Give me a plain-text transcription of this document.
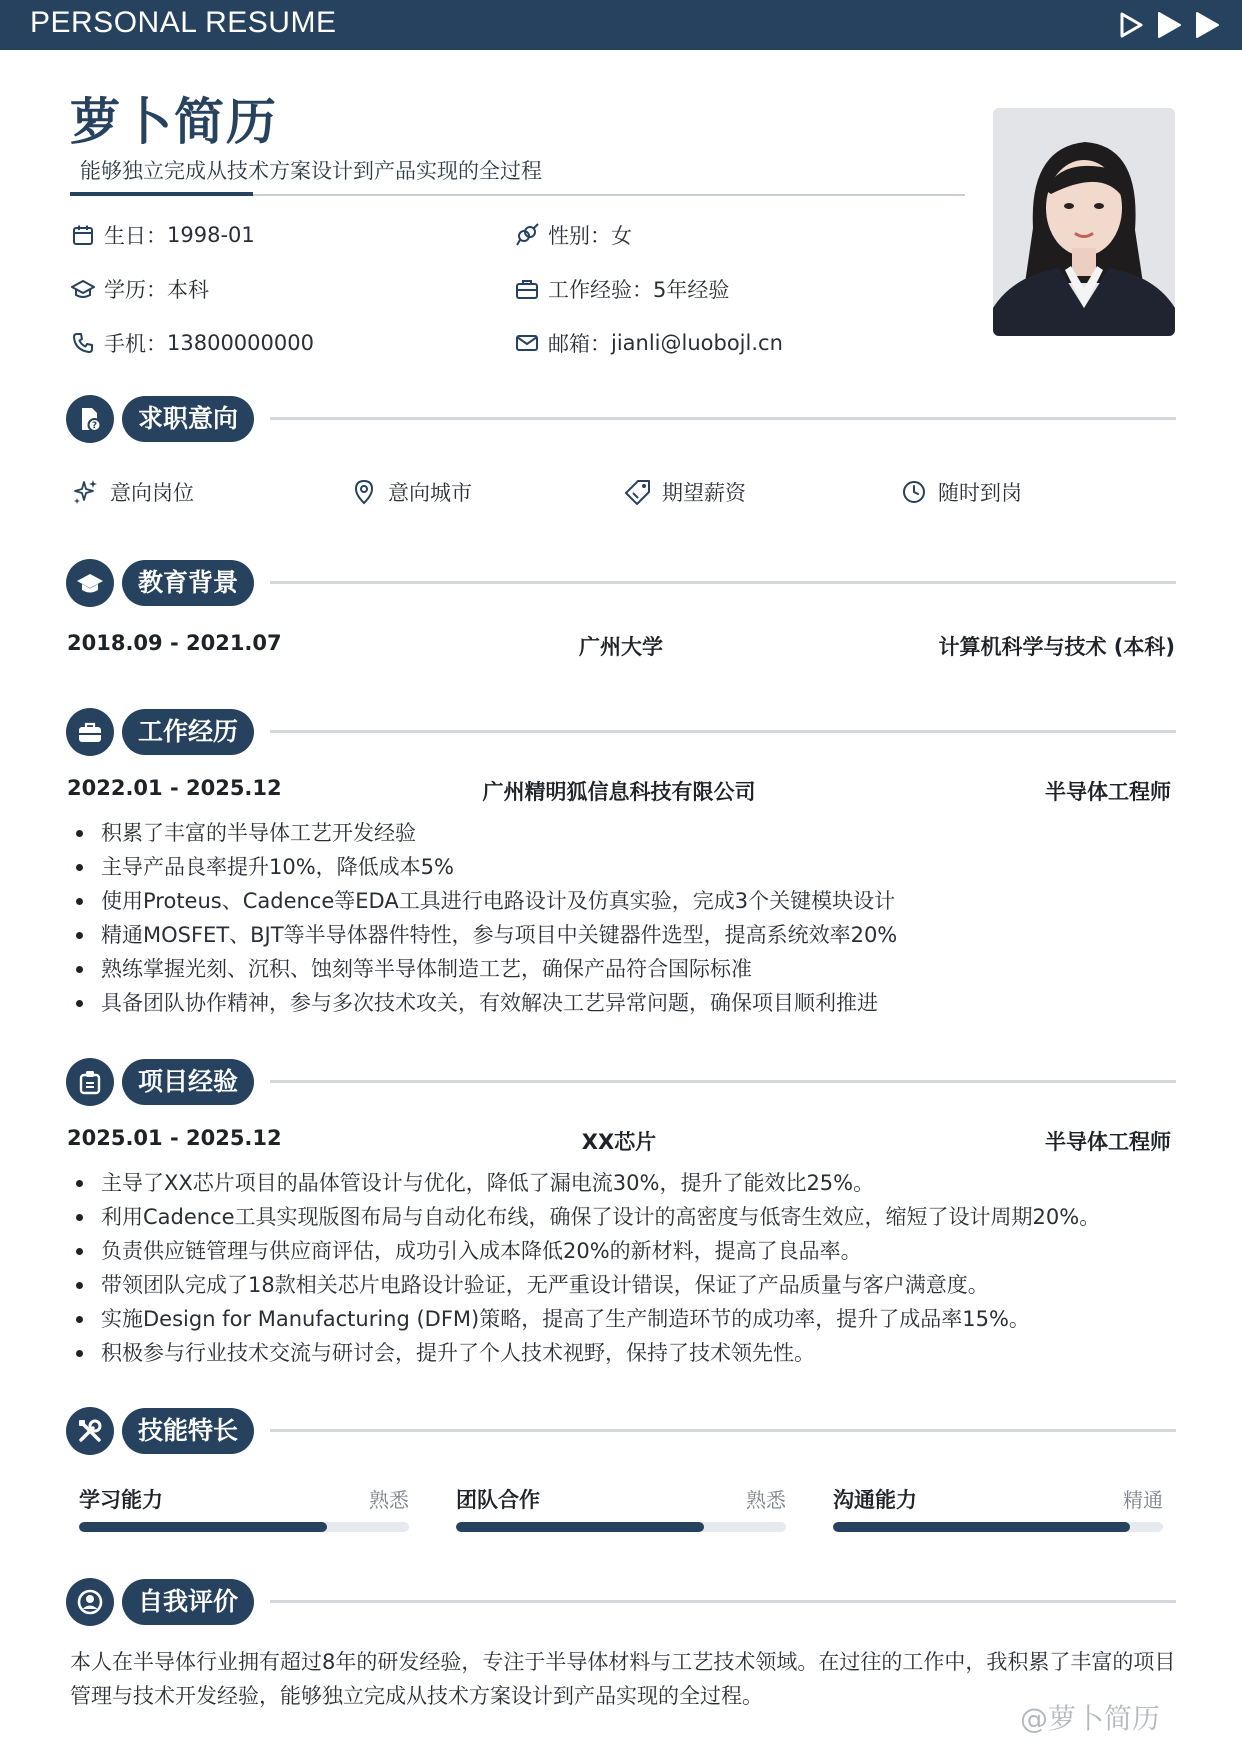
PERSONAL RESUME
萝卜简历
能够独立完成从技术方案设计到产品实现的全过程
生日： 1998-01	性别： 女
学历： 本科	工作经验： 5年经验
手机： 13800000000	邮箱： jianli@luobojl.cn
?	求职意向
意向岗位	意向城市	期望薪资	随时到岗
教育背景
2018.09 - 2021.07	广州大学	计算机科学与技术 (本科)
工作经历
2022.01 - 2025.12	广州精明狐信息科技有限公司	半导体工程师
积累了丰富的半导体工艺开发经验
主导产品良率提升10%，降低成本5%
使用Proteus、Cadence等EDA工具进行电路设计及仿真实验，完成3个关键模块设计
精通MOSFET、BJT等半导体器件特性，参与项目中关键器件选型，提高系统效率20%
熟练掌握光刻、沉积、蚀刻等半导体制造工艺，确保产品符合国际标准
具备团队协作精神，参与多次技术攻关，有效解决工艺异常问题，确保项目顺利推进
项目经验
2025.01 - 2025.12	XX芯片	半导体工程师
主导了XX芯片项目的晶体管设计与优化，降低了漏电流30%，提升了能效比25%。
利用Cadence工具实现版图布局与自动化布线，确保了设计的高密度与低寄生效应，缩短了设计周期20%。
负责供应链管理与供应商评估，成功引入成本降低20%的新材料，提高了良品率。
带领团队完成了18款相关芯片电路设计验证，无严重设计错误，保证了产品质量与客户满意度。
实施Design for Manufacturing (DFM)策略，提高了生产制造环节的成功率，提升了成品率15%。
积极参与行业技术交流与研讨会，提升了个人技术视野，保持了技术领先性。
技能特长
学习能力	熟悉 团队合作	熟悉 沟通能力	精通
自我评价
本人在半导体行业拥有超过8年的研发经验，专注于半导体材料与工艺技术领域。在过往的工作中，我积累了丰富的项目管理与技术开发经验，能够独立完成从技术方案设计到产品实现的全过程。
@萝卜简历
